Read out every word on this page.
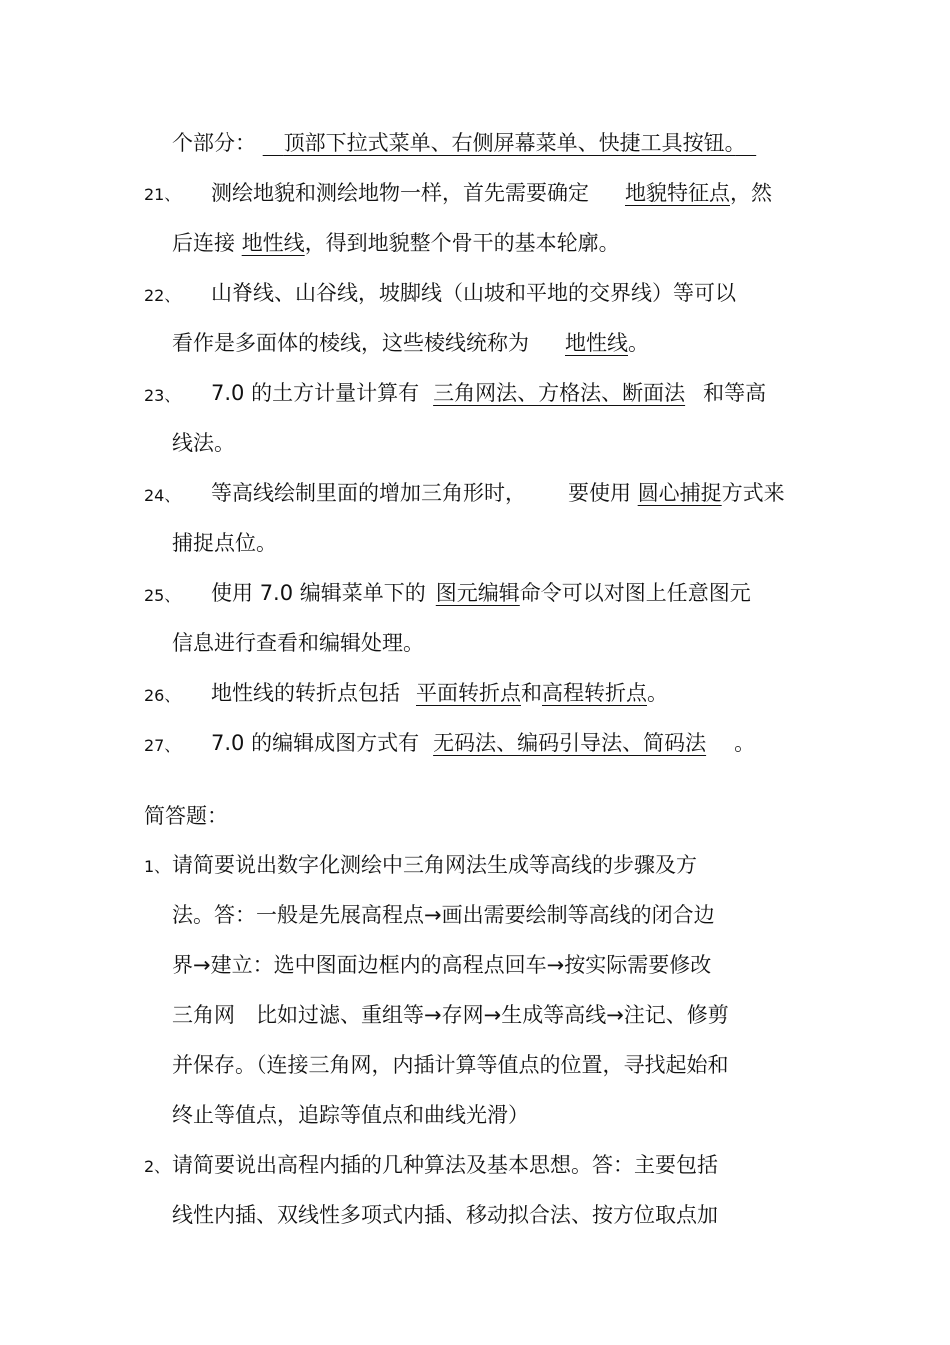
个部分： 　 顶部下拉式菜单、右侧屏幕菜单、快捷工具按钮。　
21、 测绘地貌和测绘地物一样，首先需要确定 地貌特征点，然
后连接 地性线，得到地貌整个骨干的基本轮廓。
22、 山脊线、山谷线，坡脚线（山坡和平地的交界线）等可以
看作是多面体的棱线，这些棱线统称为 地性线。
23、 7.0 的土方计量计算有 三角网法、方格法、断面法 和等高
线法。
24、 等高线绘制里面的增加三角形时， 要使用 圆心捕捉方式来
捕捉点位。
25、 使用 7.0 编辑菜单下的 图元编辑命令可以对图上任意图元
信息进行查看和编辑处理。
26、 地性线的转折点包括 平面转折点和高程转折点。
27、 7.0 的编辑成图方式有 无码法、编码引导法、简码法 。
简答题：
1、 请简要说出数字化测绘中三角网法生成等高线的步骤及方
法。答：一般是先展高程点→画出需要绘制等高线的闭合边
界→建立：选中图面边框内的高程点回车→按实际需要修改
三角网　比如过滤、重组等→存网→生成等高线→注记、修剪
并保存。（连接三角网，内插计算等值点的位置，寻找起始和
终止等值点，追踪等值点和曲线光滑）
2、 请简要说出高程内插的几种算法及基本思想。答：主要包括
线性内插、双线性多项式内插、移动拟合法、按方位取点加
